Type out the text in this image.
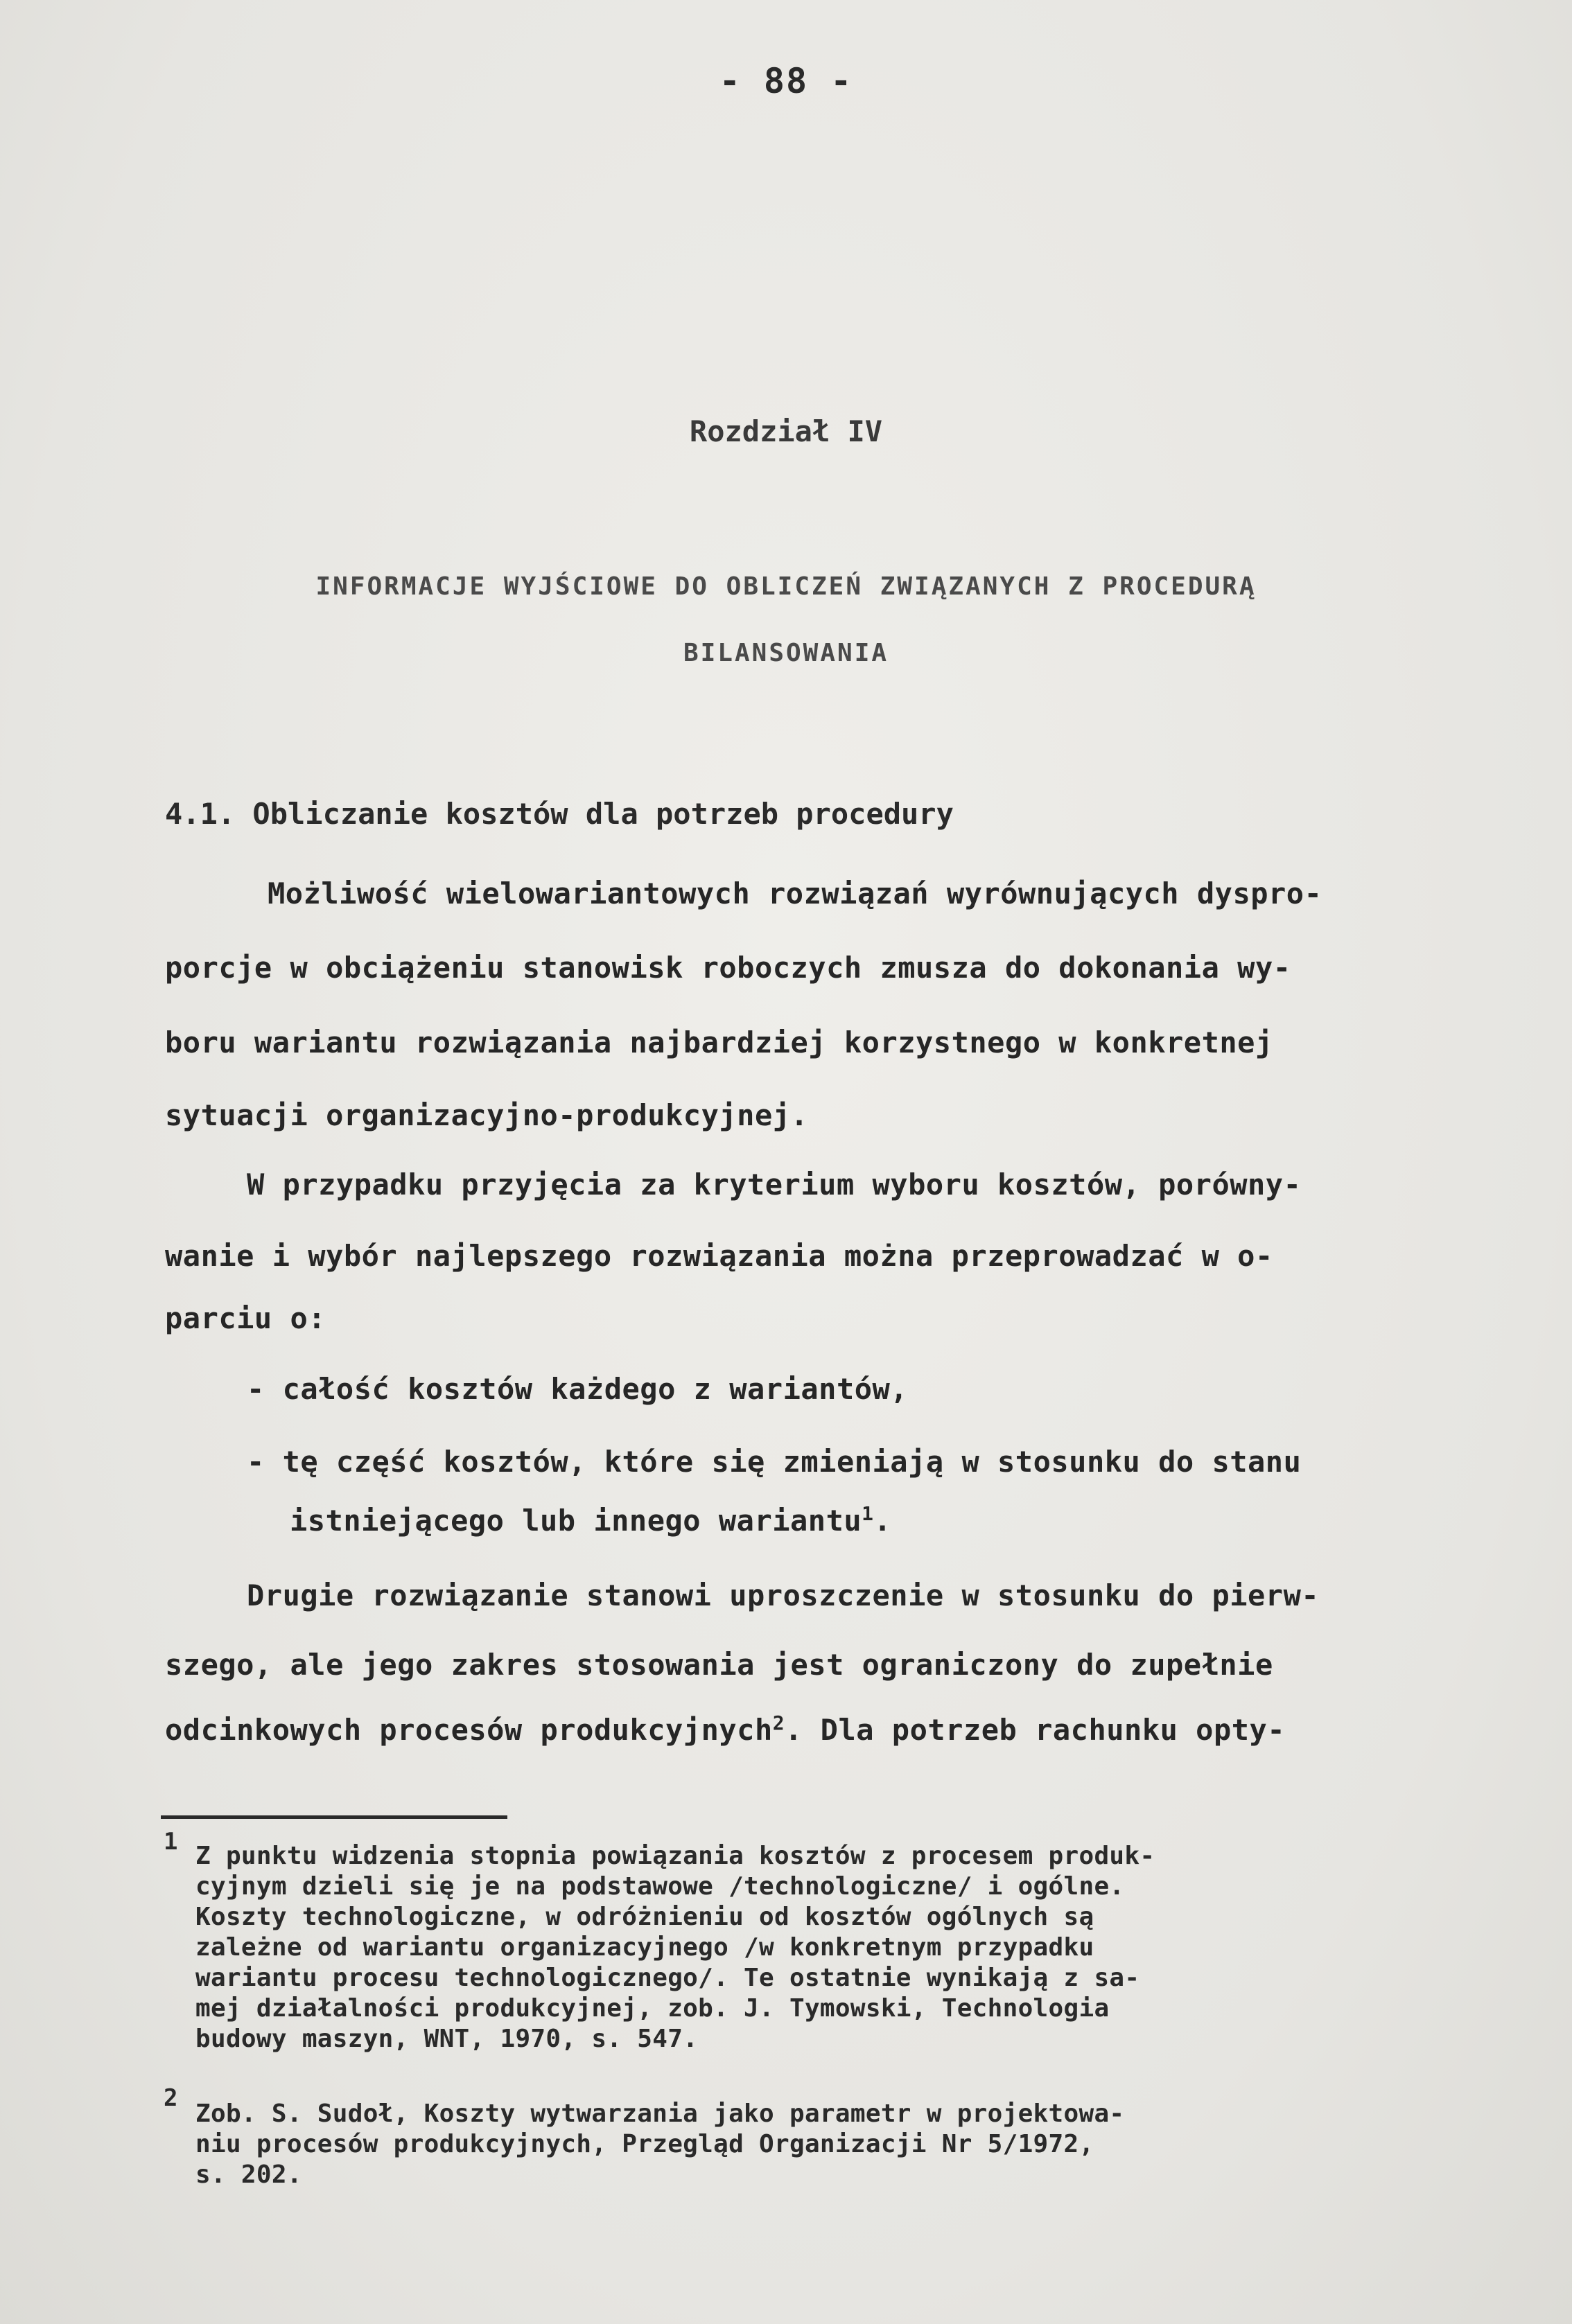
- 88 -
Rozdział IV
INFORMACJE WYJŚCIOWE DO OBLICZEŃ ZWIĄZANYCH Z PROCEDURĄ
BILANSOWANIA
4.1. Obliczanie kosztów dla potrzeb procedury
Możliwość wielowariantowych rozwiązań wyrównujących dyspro-
porcje w obciążeniu stanowisk roboczych zmusza do dokonania wy-
boru wariantu rozwiązania najbardziej korzystnego w konkretnej
sytuacji organizacyjno-produkcyjnej.
W przypadku przyjęcia za kryterium wyboru kosztów, porówny-
wanie i wybór najlepszego rozwiązania można przeprowadzać w o-
parciu o:
- całość kosztów każdego z wariantów,
- tę część kosztów, które się zmieniają w stosunku do stanu
istniejącego lub innego wariantu$^1$.
Drugie rozwiązanie stanowi uproszczenie w stosunku do pierw-
szego, ale jego zakres stosowania jest ograniczony do zupełnie
odcinkowych procesów produkcyjnych$^2$. Dla potrzeb rachunku opty-
1 Z punktu widzenia stopnia powiązania kosztów z procesem produk-
cyjnym dzieli się je na podstawowe /technologiczne/ i ogólne.
Koszty technologiczne, w odróżnieniu od kosztów ogólnych są
zależne od wariantu organizacyjnego /w konkretnym przypadku
wariantu procesu technologicznego/. Te ostatnie wynikają z sa-
mej działalności produkcyjnej, zob. J. Tymowski, Technologia
budowy maszyn, WNT, 1970, s. 547.
2
Zob. S. Sudoł, Koszty wytwarzania jako parametr w projektowa-
niu procesów produkcyjnych, Przegląd Organizacji Nr 5/1972,
s. 202.
